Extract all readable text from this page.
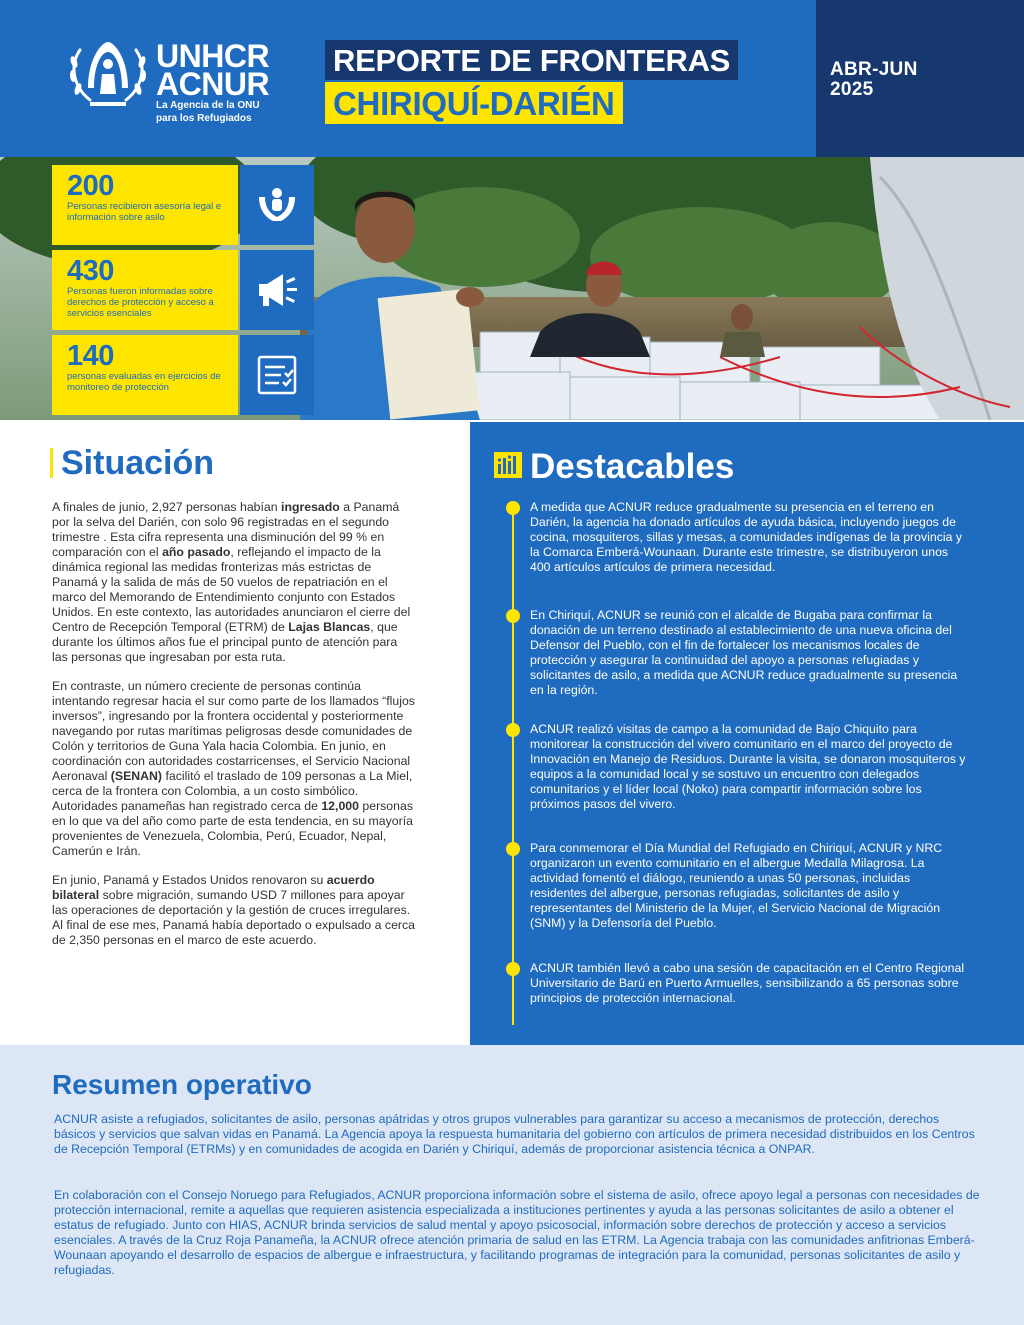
ABR-JUN
2025
UNHCR
ACNUR
La Agencia de la ONU
para los Refugiados
REPORTE DE FRONTERAS
CHIRIQUÍ-DARIÉN
200
Personas recibieron asesoría legal e información sobre asilo
430
Personas fueron informadas sobre derechos de protección y acceso a servicios esenciales
140
personas evaluadas en ejercicios de monitoreo de protección
Situación

A finales de junio, 2,927 personas habían ingresado a Panamá por la selva del Darién, con solo 96 registradas en el segundo trimestre . Esta cifra representa una disminución del 99 % en comparación con el año pasado, reflejando el impacto de la dinámica regional las medidas fronterizas más estrictas de Panamá y la salida de más de 50 vuelos de repatriación en el marco del Memorando de Entendimiento conjunto con Estados Unidos. En este contexto, las autoridades anunciaron el cierre del Centro de Recepción Temporal (ETRM) de Lajas Blancas, que durante los últimos años fue el principal punto de atención para las personas que ingresaban por esta ruta.

En contraste, un número creciente de personas continúa intentando regresar hacia el sur como parte de los llamados “flujos inversos”, ingresando por la frontera occidental y posteriormente navegando por rutas marítimas peligrosas desde comunidades de Colón y territorios de Guna Yala hacia Colombia. En junio, en coordinación con autoridades costarricenses, el Servicio Nacional Aeronaval (SENAN) facilitó el traslado de 109 personas a La Miel, cerca de la frontera con Colombia, a un costo simbólico. Autoridades panameñas han registrado cerca de 12,000 personas en lo que va del año como parte de esta tendencia, en su mayoría provenientes de Venezuela, Colombia, Perú, Ecuador, Nepal, Camerún e Irán.

En junio, Panamá y Estados Unidos renovaron su acuerdo bilateral sobre migración, sumando USD 7 millones para apoyar las operaciones de deportación y la gestión de cruces irregulares. Al final de ese mes, Panamá había deportado o expulsado a cerca de 2,350 personas en el marco de este acuerdo.

Destacables

A medida que ACNUR reduce gradualmente su presencia en el terreno en Darién, la agencia ha donado artículos de ayuda básica, incluyendo juegos de cocina, mosquiteros, sillas y mesas, a comunidades indígenas de la provincia y la Comarca Emberá-Wounaan. Durante este trimestre, se distribuyeron unos 400 artículos artículos de primera necesidad.

En Chiriquí, ACNUR se reunió con el alcalde de Bugaba para confirmar la donación de un terreno destinado al establecimiento de una nueva oficina del Defensor del Pueblo, con el fin de fortalecer los mecanismos locales de protección y asegurar la continuidad del apoyo a personas refugiadas y solicitantes de asilo, a medida que ACNUR reduce gradualmente su presencia en la región.

ACNUR realizó visitas de campo a la comunidad de Bajo Chiquito para monitorear la construcción del vivero comunitario en el marco del proyecto de Innovación en Manejo de Residuos. Durante la visita, se donaron mosquiteros y equipos a la comunidad local y se sostuvo un encuentro con delegados comunitarios y el líder local (Noko) para compartir información sobre los próximos pasos del vivero.

Para conmemorar el Día Mundial del Refugiado en Chiriquí, ACNUR y NRC organizaron un evento comunitario en el albergue Medalla Milagrosa. La actividad fomentó el diálogo, reuniendo a unas 50 personas, incluidas residentes del albergue, personas refugiadas, solicitantes de asilo y representantes del Ministerio de la Mujer, el Servicio Nacional de Migración (SNM) y la Defensoría del Pueblo.

ACNUR también llevó a cabo una sesión de capacitación en el Centro Regional Universitario de Barú en Puerto Armuelles, sensibilizando a 65 personas sobre principios de protección internacional.

Resumen operativo

ACNUR asiste a refugiados, solicitantes de asilo, personas apátridas y otros grupos vulnerables para garantizar su acceso a mecanismos de protección, derechos básicos y servicios que salvan vidas en Panamá. La Agencia apoya la respuesta humanitaria del gobierno con artículos de primera necesidad distribuidos en los Centros de Recepción Temporal (ETRMs) y en comunidades de acogida en Darién y Chiriquí, además de proporcionar asistencia técnica a ONPAR.

En colaboración con el Consejo Noruego para Refugiados, ACNUR proporciona información sobre el sistema de asilo, ofrece apoyo legal a personas con necesidades de protección internacional, remite a aquellas que requieren asistencia especializada a instituciones pertinentes y ayuda a las personas solicitantes de asilo a obtener el estatus de refugiado. Junto con HIAS, ACNUR brinda servicios de salud mental y apoyo psicosocial, información sobre derechos de protección y acceso a servicios esenciales. A través de la Cruz Roja Panameña, la ACNUR ofrece atención primaria de salud en las ETRM. La Agencia trabaja con las comunidades anfitrionas Emberá-Wounaan apoyando el desarrollo de espacios de albergue e infraestructura, y facilitando programas de integración para la comunidad, personas solicitantes de asilo y refugiadas.
